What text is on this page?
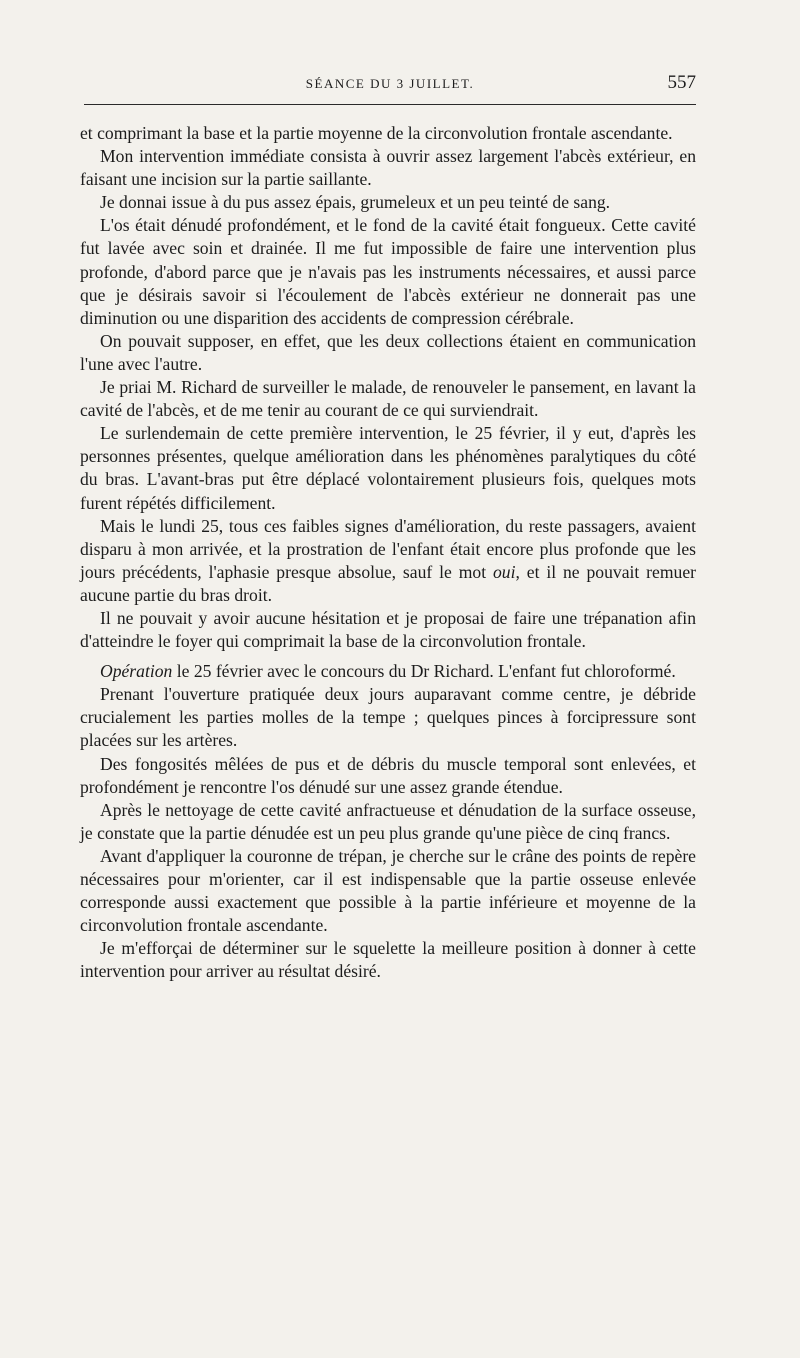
SÉANCE DU 3 JUILLET.	557

et comprimant la base et la partie moyenne de la circonvolution frontale ascendante.

Mon intervention immédiate consista à ouvrir assez largement l'abcès extérieur, en faisant une incision sur la partie saillante.

Je donnai issue à du pus assez épais, grumeleux et un peu teinté de sang.

L'os était dénudé profondément, et le fond de la cavité était fongueux. Cette cavité fut lavée avec soin et drainée. Il me fut impossible de faire une intervention plus profonde, d'abord parce que je n'avais pas les instruments nécessaires, et aussi parce que je désirais savoir si l'écoulement de l'abcès extérieur ne donnerait pas une diminution ou une disparition des accidents de compression cérébrale.

On pouvait supposer, en effet, que les deux collections étaient en communication l'une avec l'autre.

Je priai M. Richard de surveiller le malade, de renouveler le pansement, en lavant la cavité de l'abcès, et de me tenir au courant de ce qui surviendrait.

Le surlendemain de cette première intervention, le 25 février, il y eut, d'après les personnes présentes, quelque amélioration dans les phénomènes paralytiques du côté du bras. L'avant-bras put être déplacé volontairement plusieurs fois, quelques mots furent répétés difficilement.

Mais le lundi 25, tous ces faibles signes d'amélioration, du reste passagers, avaient disparu à mon arrivée, et la prostration de l'enfant était encore plus profonde que les jours précédents, l'aphasie presque absolue, sauf le mot oui, et il ne pouvait remuer aucune partie du bras droit.

Il ne pouvait y avoir aucune hésitation et je proposai de faire une trépanation afin d'atteindre le foyer qui comprimait la base de la circonvolution frontale.

Opération le 25 février avec le concours du Dr Richard. L'enfant fut chloroformé.

Prenant l'ouverture pratiquée deux jours auparavant comme centre, je débride crucialement les parties molles de la tempe ; quelques pinces à forcipressure sont placées sur les artères.

Des fongosités mêlées de pus et de débris du muscle temporal sont enlevées, et profondément je rencontre l'os dénudé sur une assez grande étendue.

Après le nettoyage de cette cavité anfractueuse et dénudation de la surface osseuse, je constate que la partie dénudée est un peu plus grande qu'une pièce de cinq francs.

Avant d'appliquer la couronne de trépan, je cherche sur le crâne des points de repère nécessaires pour m'orienter, car il est indispensable que la partie osseuse enlevée corresponde aussi exactement que possible à la partie inférieure et moyenne de la circonvolution frontale ascendante.

Je m'efforçai de déterminer sur le squelette la meilleure position à donner à cette intervention pour arriver au résultat désiré.
